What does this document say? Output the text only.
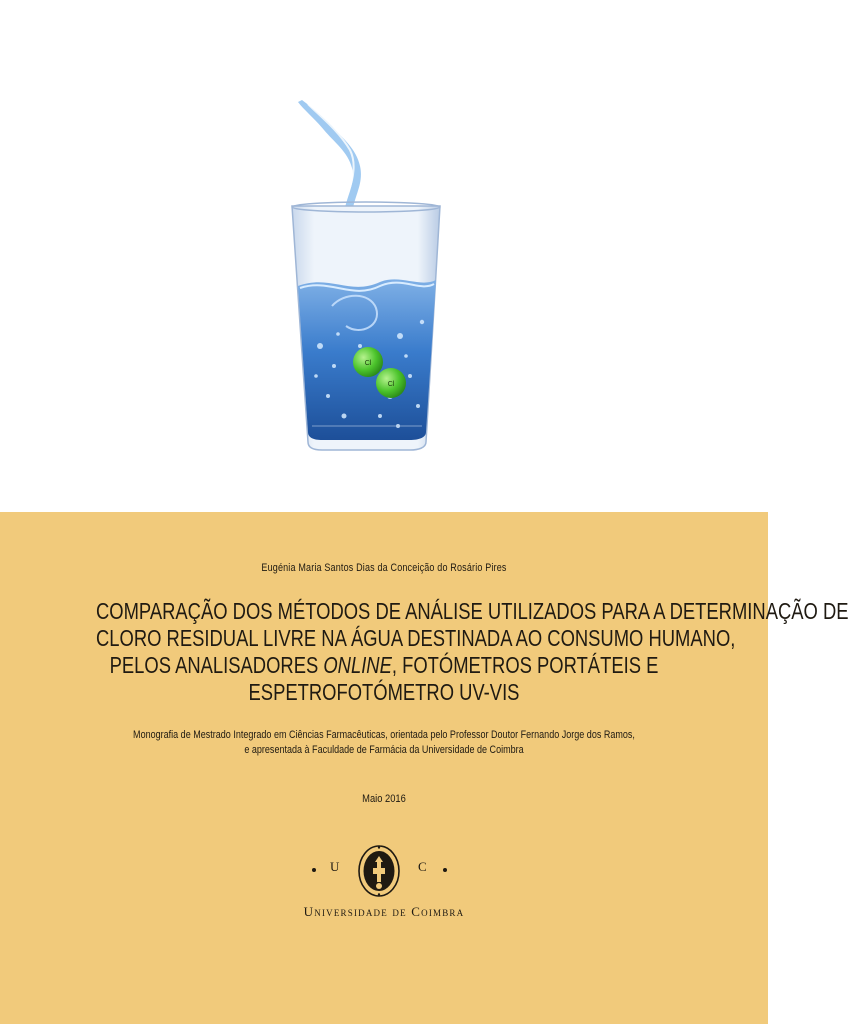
Cl
Cl
Eugénia Maria Santos Dias da Conceição do Rosário Pires
COMPARAÇÃO DOS MÉTODOS DE ANÁLISE UTILIZADOS PARA A DETERMINAÇÃO DE
CLORO RESIDUAL LIVRE NA ÁGUA DESTINADA AO CONSUMO HUMANO,
PELOS ANALISADORES ONLINE, FOTÓMETROS PORTÁTEIS E
ESPETROFOTÓMETRO UV-VIS
Monografia de Mestrado Integrado em Ciências Farmacêuticas, orientada pelo Professor Doutor Fernando Jorge dos Ramos,
e apresentada à Faculdade de Farmácia da Universidade de Coimbra
Maio 2016
U	C
Universidade de Coimbra
